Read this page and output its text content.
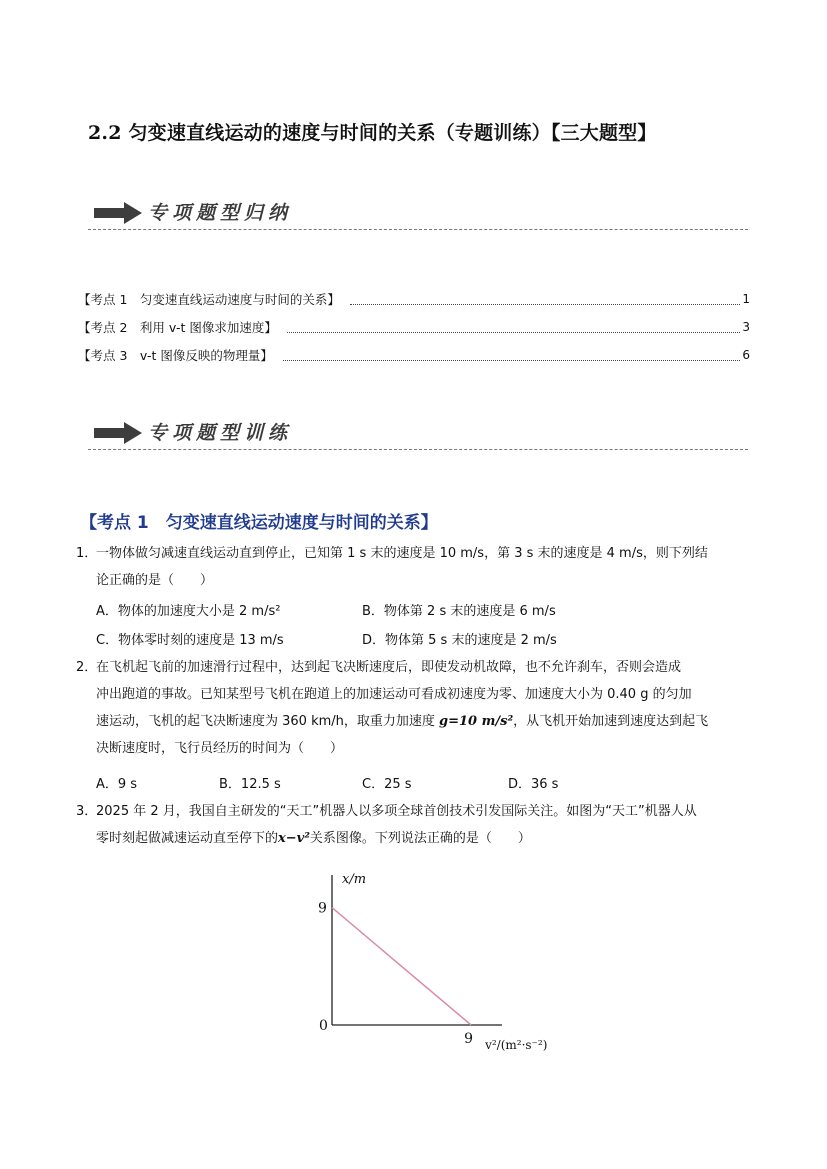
2.2 匀变速直线运动的速度与时间的关系（专题训练）【三大题型】
专项题型归纳
【考点 1　匀变速直线运动速度与时间的关系】	1
【考点 2　利用 v-t 图像求加速度】	3
【考点 3　v-t 图像反映的物理量】	6
专项题型训练
【考点 1　匀变速直线运动速度与时间的关系】
1．
一物体做匀减速直线运动直到停止，已知第 1 s 末的速度是 10 m/s，第 3 s 末的速度是 4 m/s，则下列结
论正确的是（　　）
A．物体的加速度大小是 2 m/s²	B．物体第 2 s 末的速度是 6 m/s
C．物体零时刻的速度是 13 m/s	D．物体第 5 s 末的速度是 2 m/s
2．
在飞机起飞前的加速滑行过程中，达到起飞决断速度后，即使发动机故障，也不允许刹车，否则会造成
冲出跑道的事故。已知某型号飞机在跑道上的加速运动可看成初速度为零、加速度大小为 0.40 g 的匀加
速运动，飞机的起飞决断速度为 360 km/h，取重力加速度 g=10 m/s²，从飞机开始加速到速度达到起飞
决断速度时，飞行员经历的时间为（　　）
A．9 s	B．12.5 s	C．25 s	D．36 s
3．
2025 年 2 月，我国自主研发的“天工”机器人以多项全球首创技术引发国际关注。如图为“天工”机器人从
零时刻起做减速运动直至停下的x−v²关系图像。下列说法正确的是（　　）
x/m
9
0
9 v²/(m²·s⁻²)
